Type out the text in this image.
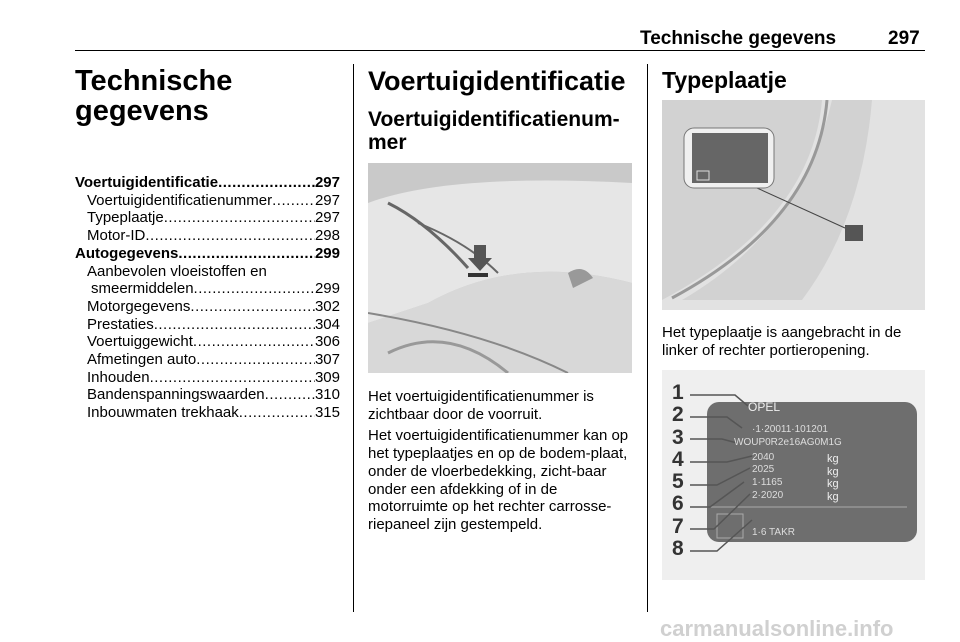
Technische gegevens	297
Technische
gegevens
Voertuigidentificatie .....	297
Voertuigidentificatienummer .....	297
Typeplaatje .....	297
Motor-ID .....	298
Autogegevens .....	299
Aanbevolen vloeistoffen en
smeermiddelen .....	299
Motorgegevens .....	302
Prestaties .....	304
Voertuiggewicht .....	306
Afmetingen auto .....	307
Inhouden .....	309
Bandenspanningswaarden .....	310
Inbouwmaten trekhaak .....	315
Voertuigidentificatie
Voertuigidentificatienum-
mer

Het voertuigidentificatienummer is zichtbaar door de voorruit.

Het voertuigidentificatienummer kan op het typeplaatjes en op de bodem-plaat, onder de vloerbedekking, zicht-baar onder een afdekking of in de motorruimte op het rechter carrosse-riepaneel zijn gestempeld.

Typeplaatje

Het typeplaatje is aangebracht in de linker of rechter portieropening.

·1·20011·101201
WOUP0R2e16AG0M1G
2040
2025
1·1165
2·2020
1·6 TAKR
OPEL
kg
kg
kg
kg
1
2
3
4
5
6
7
8
carmanualsonline.info
